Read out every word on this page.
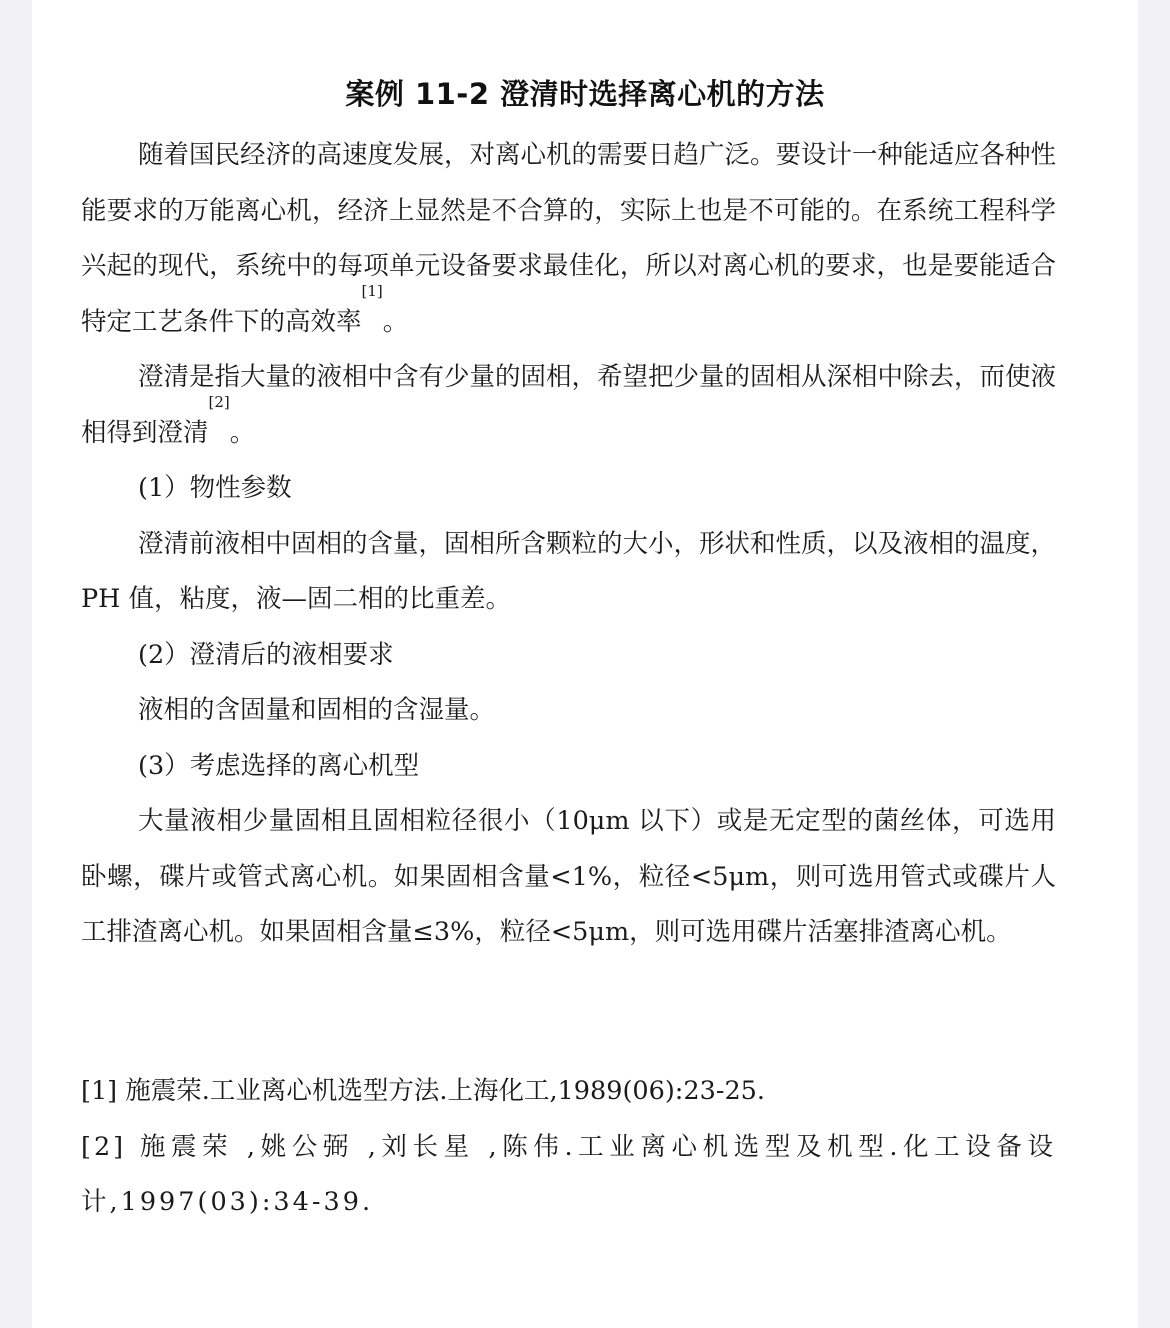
案例 11-2 澄清时选择离心机的方法

随着国民经济的高速度发展，对离心机的需要日趋广泛。要设计一种能适应各种性能要求的万能离心机，经济上显然是不合算的，实际上也是不可能的。在系统工程科学兴起的现代，系统中的每项单元设备要求最佳化，所以对离心机的要求，也是要能适合特定工艺条件下的高效率[1]。

澄清是指大量的液相中含有少量的固相，希望把少量的固相从深相中除去，而使液相得到澄清[2]。

(1）物性参数

澄清前液相中固相的含量，固相所含颗粒的大小，形状和性质，以及液相的温度，PH 值，粘度，液—固二相的比重差。

(2）澄清后的液相要求

液相的含固量和固相的含湿量。

(3）考虑选择的离心机型

大量液相少量固相且固相粒径很小（10μm 以下）或是无定型的菌丝体，可选用卧螺，碟片或管式离心机。如果固相含量<1%，粒径<5μm，则可选用管式或碟片人工排渣离心机。如果固相含量≤3%，粒径<5μm，则可选用碟片活塞排渣离心机。

[1] 施震荣.工业离心机选型方法.上海化工,1989(06):23-25.

[2] 施震荣 ,姚公弼 ,刘长星 ,陈伟.工业离心机选型及机型.化工设备设计,1997(03):34-39.
